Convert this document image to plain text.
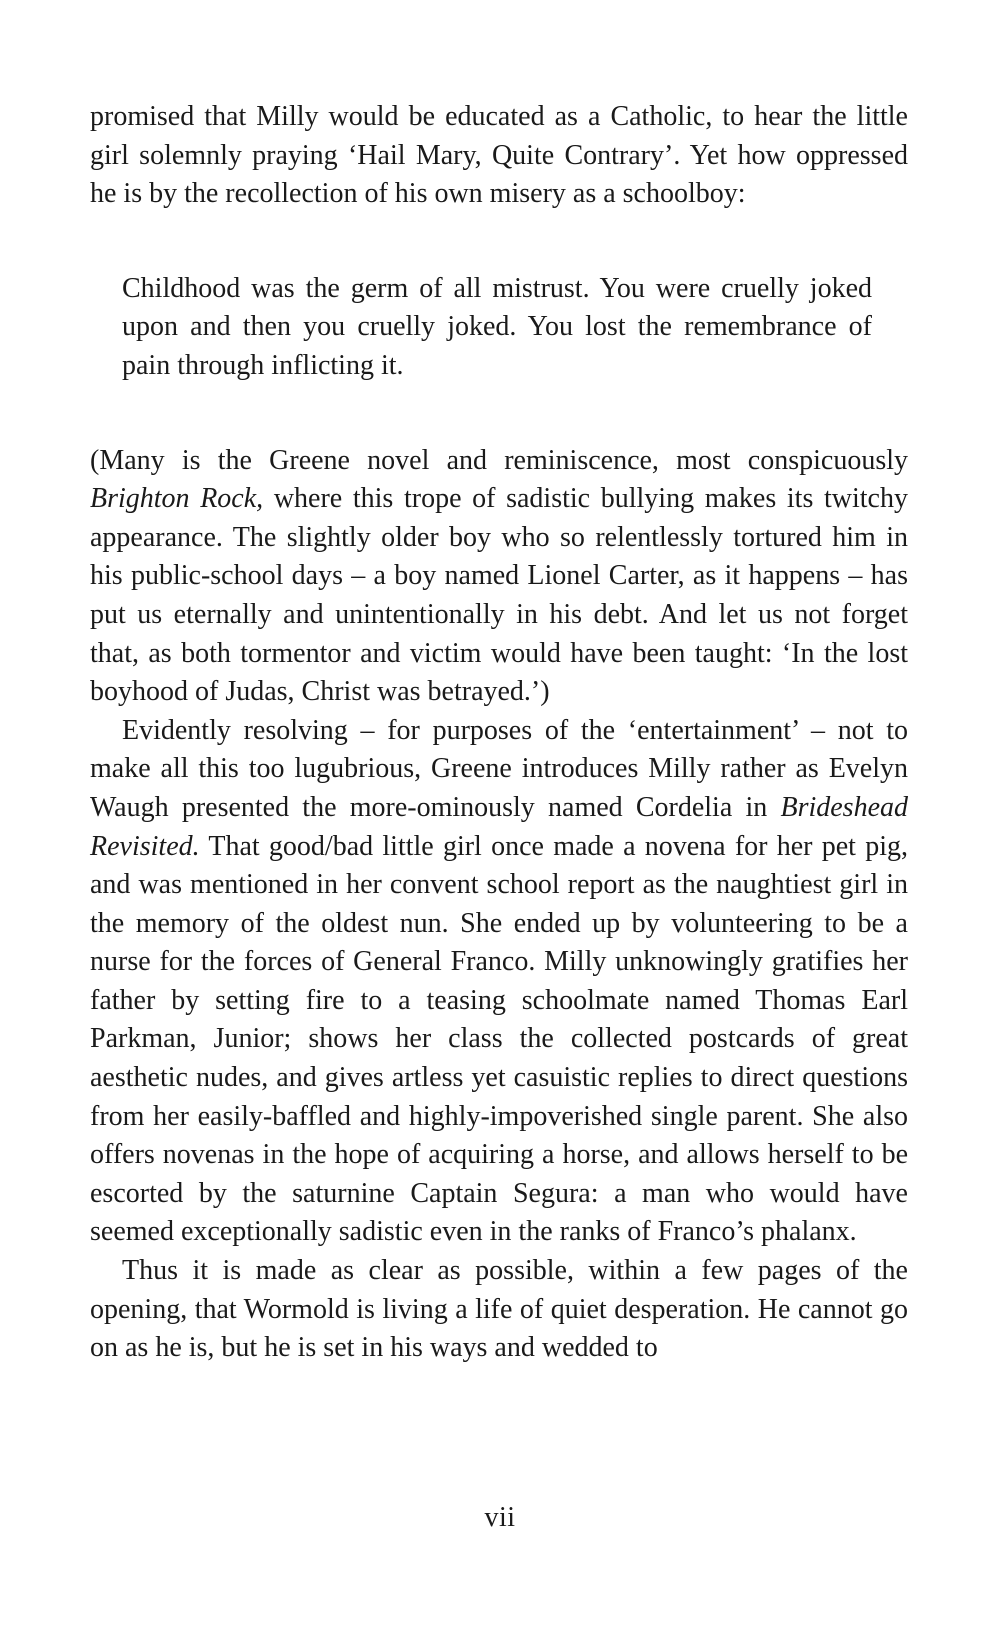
promised that Milly would be educated as a Catholic, to hear the little girl solemnly praying ‘Hail Mary, Quite Contrary’. Yet how oppressed he is by the recollection of his own misery as a schoolboy:

Childhood was the germ of all mistrust. You were cruelly joked upon and then you cruelly joked. You lost the remembrance of pain through inflicting it.

(Many is the Greene novel and reminiscence, most conspicuously Brighton Rock, where this trope of sadistic bullying makes its twitchy appearance. The slightly older boy who so relentlessly tortured him in his public-school days – a boy named Lionel Carter, as it happens – has put us eternally and unintentionally in his debt. And let us not forget that, as both tormentor and victim would have been taught: ‘In the lost boyhood of Judas, Christ was betrayed.’)

Evidently resolving – for purposes of the ‘entertainment’ – not to make all this too lugubrious, Greene introduces Milly rather as Evelyn Waugh presented the more-ominously named Cordelia in Brideshead Revisited. That good/bad little girl once made a novena for her pet pig, and was mentioned in her convent school report as the naughtiest girl in the memory of the oldest nun. She ended up by volunteering to be a nurse for the forces of General Franco. Milly unknowingly gratifies her father by setting fire to a teasing schoolmate named Thomas Earl Parkman, Junior; shows her class the collected postcards of great aesthetic nudes, and gives artless yet casuistic replies to direct questions from her easily-baffled and highly-impoverished single parent. She also offers novenas in the hope of acquiring a horse, and allows herself to be escorted by the saturnine Captain Segura: a man who would have seemed exceptionally sadistic even in the ranks of Franco’s phalanx.

Thus it is made as clear as possible, within a few pages of the opening, that Wormold is living a life of quiet desperation. He cannot go on as he is, but he is set in his ways and wedded to

vii
